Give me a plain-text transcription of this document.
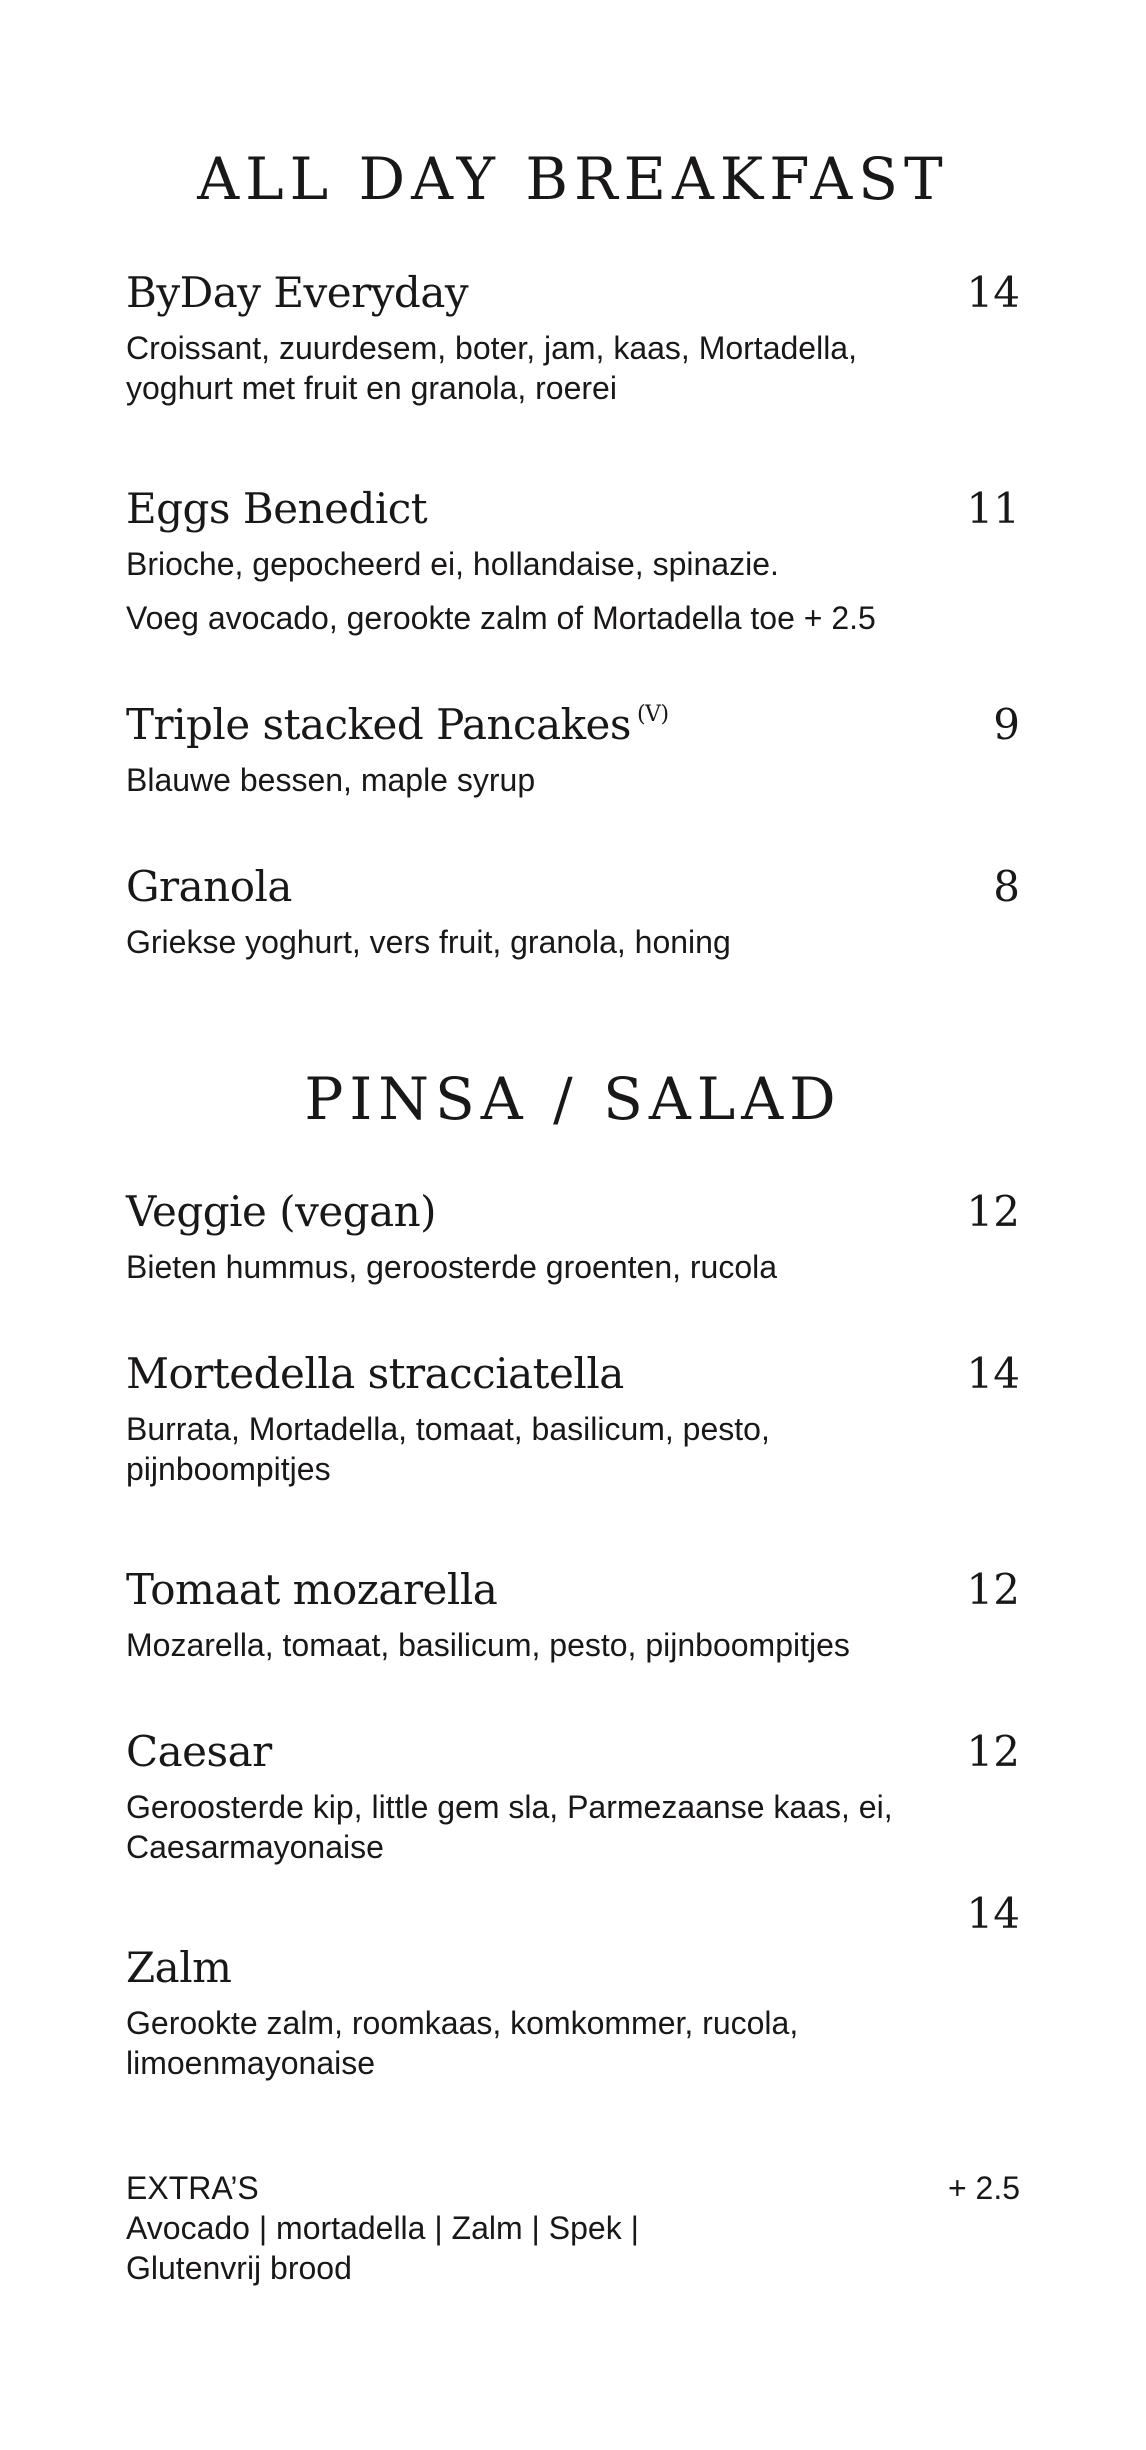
ALL DAY BREAKFAST
14
ByDay Everyday
Croissant, zuurdesem, boter, jam, kaas, Mortadella, yoghurt met fruit en granola, roerei
11
Eggs Benedict
Brioche, gepocheerd ei, hollandaise, spinazie.
Voeg avocado, gerookte zalm of Mortadella toe + 2.5
9
Triple stacked Pancakes $^{(V)}$
Blauwe bessen, maple syrup
8
Granola
Griekse yoghurt, vers fruit, granola, honing
PINSA / SALAD
12
Veggie (vegan)
Bieten hummus, geroosterde groenten, rucola
14
Mortedella stracciatella
Burrata, Mortadella, tomaat, basilicum, pesto, pijnboompitjes
12
Tomaat mozarella
Mozarella, tomaat, basilicum, pesto, pijnboompitjes
12
Caesar
Geroosterde kip, little gem sla, Parmezaanse kaas, ei, Caesarmayonaise
14
Zalm
Gerookte zalm, roomkaas, komkommer, rucola, limoenmayonaise
+ 2.5
EXTRA’S
Avocado | mortadella | Zalm | Spek | Glutenvrij brood
